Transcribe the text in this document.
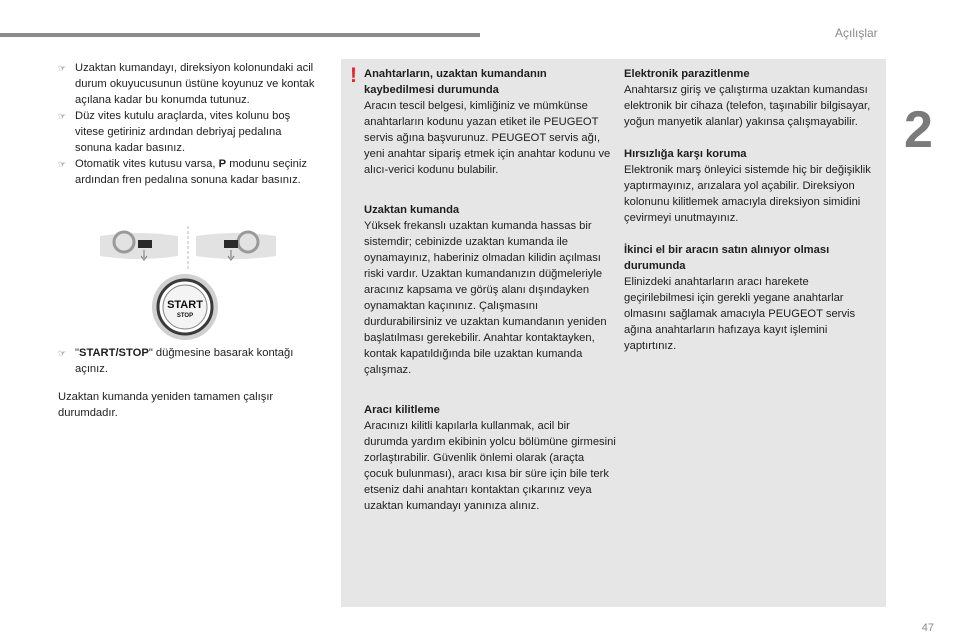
Açılışlar
2
☞ Uzaktan kumandayı, direksiyon kolonundaki acil durum okuyucusunun üstüne koyunuz ve kontak açılana kadar bu konumda tutunuz.
☞ Düz vites kutulu araçlarda, vites kolunu boş vitese getiriniz ardından debriyaj pedalına sonuna kadar basınız.
☞ Otomatik vites kutusu varsa, P modunu seçiniz ardından fren pedalına sonuna kadar basınız.
START
STOP
☞ "START/STOP" düğmesine basarak kontağı açınız.
Uzaktan kumanda yeniden tamamen çalışır durumdadır.
! Anahtarların, uzaktan kumandanın kaybedilmesi durumunda

Aracın tescil belgesi, kimliğiniz ve mümkünse anahtarların kodunu yazan etiket ile PEUGEOT servis ağına başvurunuz. PEUGEOT servis ağı, yeni anahtar sipariş etmek için anahtar kodunu ve alıcı-verici kodunu bulabilir.

Uzaktan kumanda

Yüksek frekanslı uzaktan kumanda hassas bir sistemdir; cebinizde uzaktan kumanda ile oynamayınız, haberiniz olmadan kilidin açılması riski vardır. Uzaktan kumandanızın düğmeleriyle aracınız kapsama ve görüş alanı dışındayken oynamaktan kaçınınız. Çalışmasını durdurabilirsiniz ve uzaktan kumandanın yeniden başlatılması gerekebilir. Anahtar kontaktayken, kontak kapatıldığında bile uzaktan kumanda çalışmaz.

Aracı kilitleme

Aracınızı kilitli kapılarla kullanmak, acil bir durumda yardım ekibinin yolcu bölümüne girmesini zorlaştırabilir. Güvenlik önlemi olarak (araçta çocuk bulunması), aracı kısa bir süre için bile terk etseniz dahi anahtarı kontaktan çıkarınız veya uzaktan kumandayı yanınıza alınız.

Elektronik parazitlenme

Anahtarsız giriş ve çalıştırma uzaktan kumandası elektronik bir cihaza (telefon, taşınabilir bilgisayar, yoğun manyetik alanlar) yakınsa çalışmayabilir.

Hırsızlığa karşı koruma

Elektronik marş önleyici sistemde hiç bir değişiklik yaptırmayınız, arızalara yol açabilir. Direksiyon kolonunu kilitlemek amacıyla direksiyon simidini çevirmeyi unutmayınız.

İkinci el bir aracın satın alınıyor olması durumunda

Elinizdeki anahtarların aracı harekete geçirilebilmesi için gerekli yegane anahtarlar olmasını sağlamak amacıyla PEUGEOT servis ağına anahtarların hafızaya kayıt işlemini yaptırtınız.

47
